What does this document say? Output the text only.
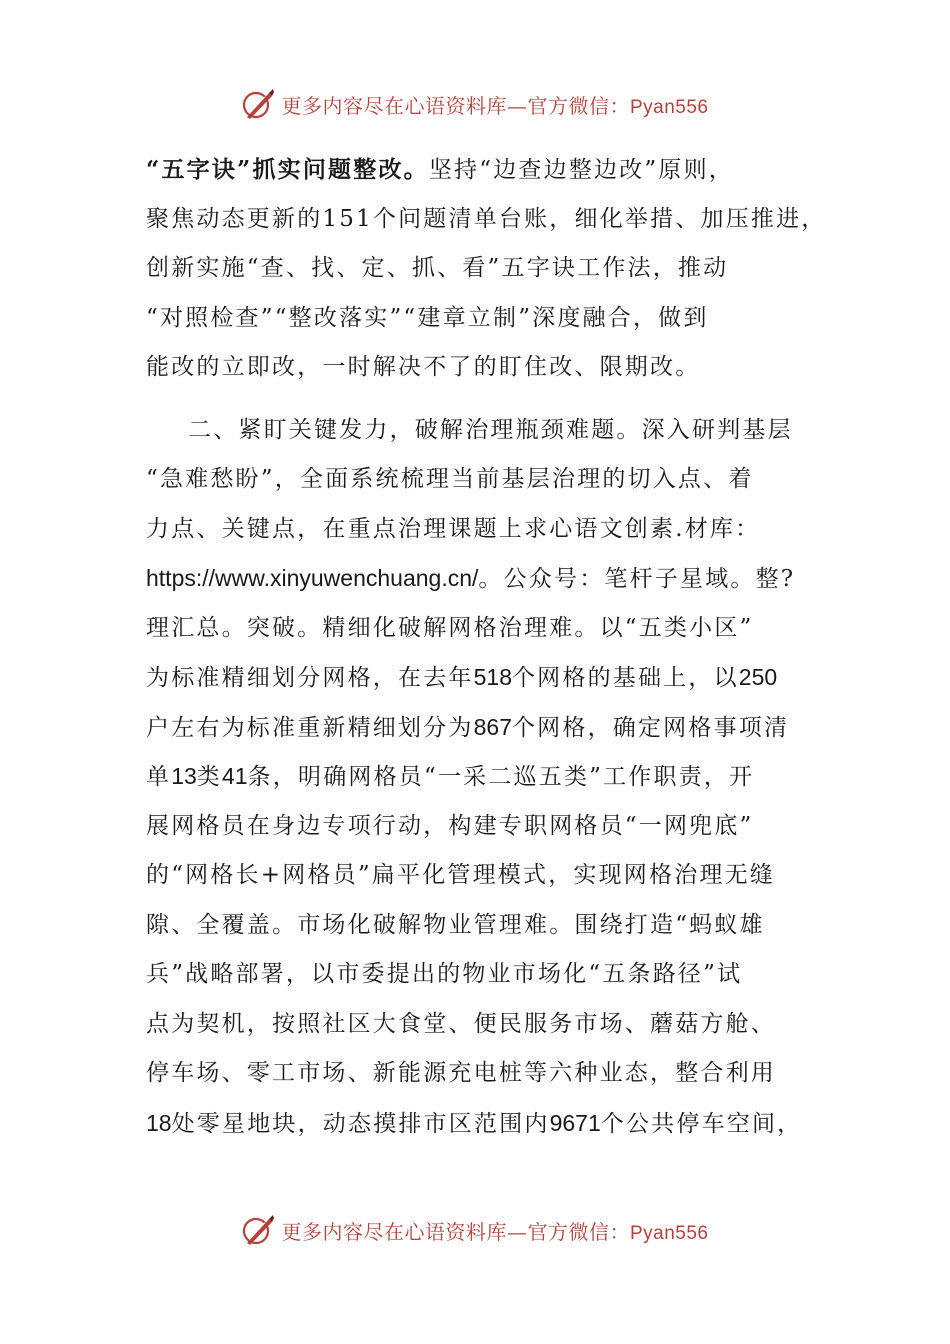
更多内容尽在心语资料库—官方微信：Pyan556
“五字诀”抓实问题整改。坚持“边查边整边改”原则，
聚焦动态更新的151个问题清单台账，细化举措、加压推进，
创新实施“查、找、定、抓、看”五字诀工作法，推动
“对照检查”“整改落实”“建章立制”深度融合，做到
能改的立即改，一时解决不了的盯住改、限期改。
二、紧盯关键发力，破解治理瓶颈难题。深入研判基层
“急难愁盼”，全面系统梳理当前基层治理的切入点、着
力点、关键点，在重点治理课题上求心语文创素.材库：
https://www.xinyuwenchuang.cn/。公众号：笔杆子星域。整?
理汇总。突破。精细化破解网格治理难。以“五类小区”
为标准精细划分网格，在去年518个网格的基础上，以250
户左右为标准重新精细划分为867个网格，确定网格事项清
单13类41条，明确网格员“一采二巡五类”工作职责，开
展网格员在身边专项行动，构建专职网格员“一网兜底”
的“网格长+网格员”扁平化管理模式，实现网格治理无缝
隙、全覆盖。市场化破解物业管理难。围绕打造“蚂蚁雄
兵”战略部署，以市委提出的物业市场化“五条路径”试
点为契机，按照社区大食堂、便民服务市场、蘑菇方舱、
停车场、零工市场、新能源充电桩等六种业态，整合利用
18处零星地块，动态摸排市区范围内9671个公共停车空间，
更多内容尽在心语资料库—官方微信：Pyan556
